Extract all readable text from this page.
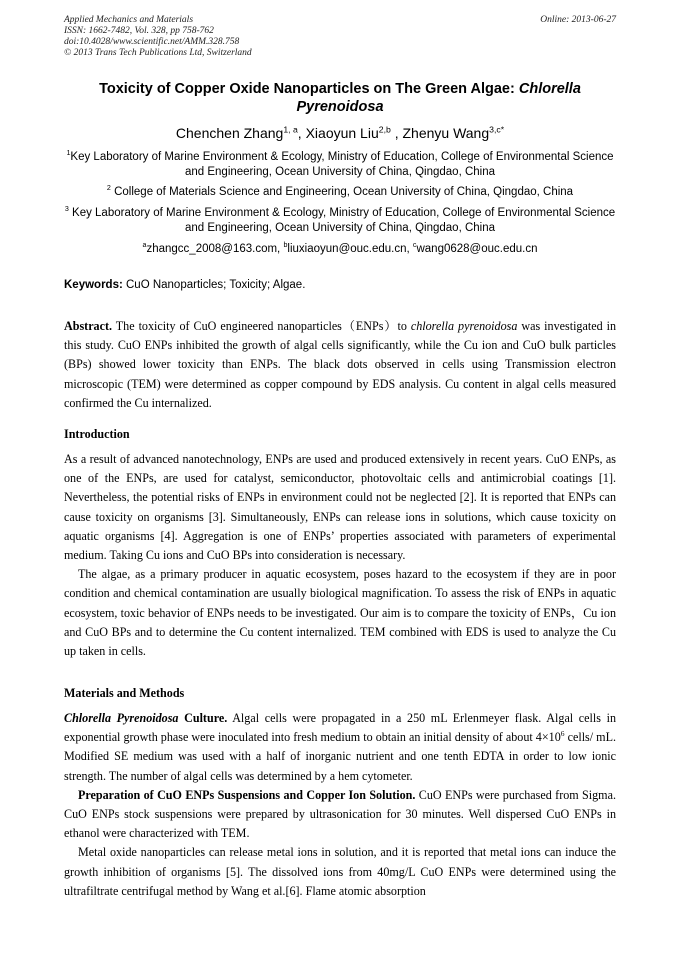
Applied Mechanics and Materials
ISSN: 1662-7482, Vol. 328, pp 758-762
doi:10.4028/www.scientific.net/AMM.328.758
© 2013 Trans Tech Publications Ltd, Switzerland
Online: 2013-06-27
Toxicity of Copper Oxide Nanoparticles on The Green Algae: Chlorella Pyrenoidosa
Chenchen Zhang$^{1, a}$, Xiaoyun Liu$^{2,b}$ , Zhenyu Wang$^{3,c*}$
$^1$Key Laboratory of Marine Environment & Ecology, Ministry of Education, College of Environmental Science and Engineering, Ocean University of China, Qingdao, China
$^2$ College of Materials Science and Engineering, Ocean University of China, Qingdao, China
$^3$ Key Laboratory of Marine Environment & Ecology, Ministry of Education, College of Environmental Science and Engineering, Ocean University of China, Qingdao, China
$^a$zhangcc_2008@163.com, $^b$liuxiaoyun@ouc.edu.cn, $^c$wang0628@ouc.edu.cn
Keywords: CuO Nanoparticles; Toxicity; Algae.

Abstract. The toxicity of CuO engineered nanoparticles（ENPs）to chlorella pyrenoidosa was investigated in this study. CuO ENPs inhibited the growth of algal cells significantly, while the Cu ion and CuO bulk particles (BPs) showed lower toxicity than ENPs. The black dots observed in cells using Transmission electron microscopic (TEM) were determined as copper compound by EDS analysis. Cu content in algal cells measured confirmed the Cu internalized.

Introduction

As a result of advanced nanotechnology, ENPs are used and produced extensively in recent years. CuO ENPs, as one of the ENPs, are used for catalyst, semiconductor, photovoltaic cells and antimicrobial coatings [1]. Nevertheless, the potential risks of ENPs in environment could not be neglected [2]. It is reported that ENPs can cause toxicity on organisms [3]. Simultaneously, ENPs can release ions in solutions, which cause toxicity on aquatic organisms [4]. Aggregation is one of ENPs’ properties associated with parameters of experimental medium. Taking Cu ions and CuO BPs into consideration is necessary.

The algae, as a primary producer in aquatic ecosystem, poses hazard to the ecosystem if they are in poor condition and chemical contamination are usually biological magnification. To assess the risk of ENPs in aquatic ecosystem, toxic behavior of ENPs needs to be investigated. Our aim is to compare the toxicity of ENPs，Cu ion and CuO BPs and to determine the Cu content internalized. TEM combined with EDS is used to analyze the Cu up taken in cells.

Materials and Methods

Chlorella Pyrenoidosa Culture. Algal cells were propagated in a 250 mL Erlenmeyer flask. Algal cells in exponential growth phase were inoculated into fresh medium to obtain an initial density of about $4\times 10^6$ cells/ mL. Modified SE medium was used with a half of inorganic nutrient and one tenth EDTA in order to low ionic strength. The number of algal cells was determined by a hem cytometer.

Preparation of CuO ENPs Suspensions and Copper Ion Solution. CuO ENPs were purchased from Sigma. CuO ENPs stock suspensions were prepared by ultrasonication for 30 minutes. Well dispersed CuO ENPs in ethanol were characterized with TEM.

Metal oxide nanoparticles can release metal ions in solution, and it is reported that metal ions can induce the growth inhibition of organisms [5]. The dissolved ions from 40mg/L CuO ENPs were determined using the ultrafiltrate centrifugal method by Wang et al.[6]. Flame atomic absorption
